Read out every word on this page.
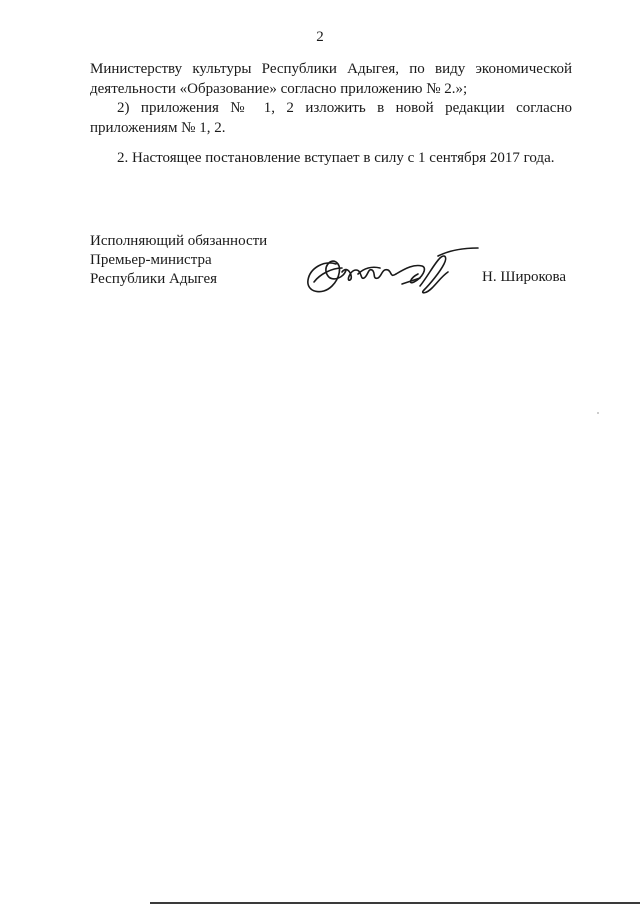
2

Министерству культуры Республики Адыгея, по виду экономической деятельности «Образование» согласно приложению № 2.»;

2) приложения № 1, 2 изложить в новой редакции согласно приложениям № 1, 2.

2. Настоящее постановление вступает в силу с 1 сентября 2017 года.

Исполняющий обязанности
Премьер-министра
Республики Адыгея	Н. Широкова
